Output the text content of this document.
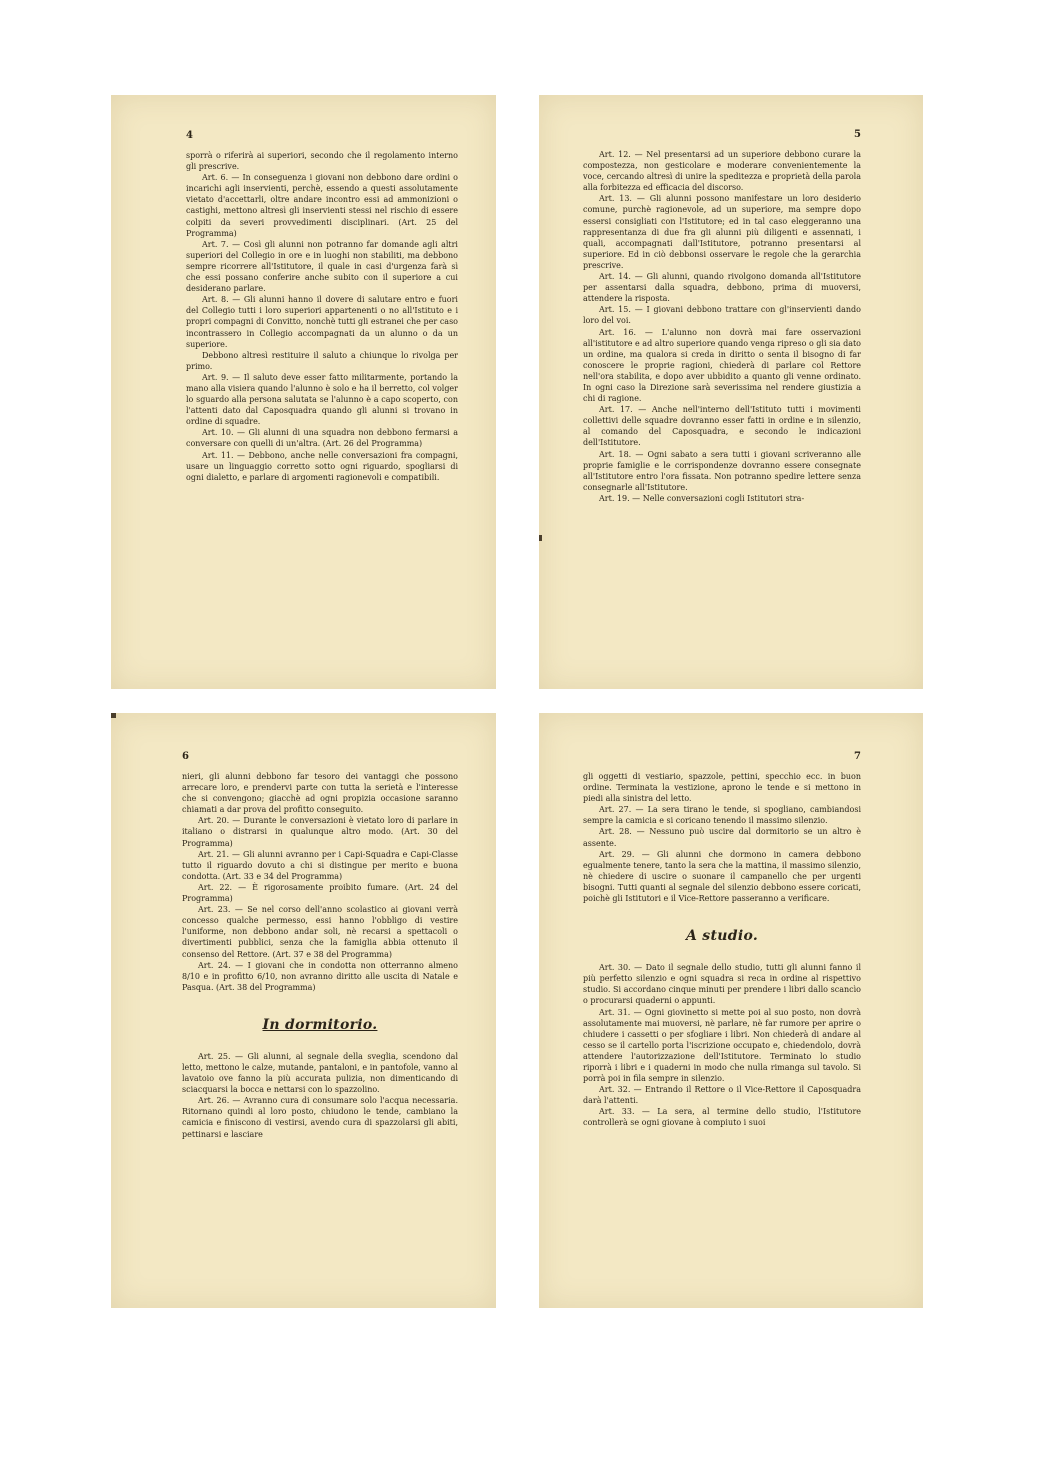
4

sporrà o riferirà ai superiori, secondo che il regolamento interno gli prescrive.

Art. 6. — In conseguenza i giovani non debbono dare ordini o incarichi agli inservienti, perchè, essendo a questi assolutamente vietato d'accettarli, oltre andare incontro essi ad ammonizioni o castighi, mettono altresì gli inservienti stessi nel rischio di essere colpiti da severi provvedimenti disciplinari. (Art. 25 del Programma)

Art. 7. — Così gli alunni non potranno far domande agli altri superiori del Collegio in ore e in luoghi non stabiliti, ma debbono sempre ricorrere all'Istitutore, il quale in casi d'urgenza farà sì che essi possano conferire anche subito con il superiore a cui desiderano parlare.

Art. 8. — Gli alunni hanno il dovere di salutare entro e fuori del Collegio tutti i loro superiori appartenenti o no all'Istituto e i propri compagni di Convitto, nonchè tutti gli estranei che per caso incontrassero in Collegio accompagnati da un alunno o da un superiore.

Debbono altresì restituire il saluto a chiunque lo rivolga per primo.

Art. 9. — Il saluto deve esser fatto militarmente, portando la mano alla visiera quando l'alunno è solo e ha il berretto, col volger lo sguardo alla persona salutata se l'alunno è a capo scoperto, con l'attenti dato dal Caposquadra quando gli alunni si trovano in ordine di squadre.

Art. 10. — Gli alunni di una squadra non debbono fermarsi a conversare con quelli di un'altra. (Art. 26 del Programma)

Art. 11. — Debbono, anche nelle conversazioni fra compagni, usare un linguaggio corretto sotto ogni riguardo, spogliarsi di ogni dialetto, e parlare di argomenti ragionevoli e compatibili.

5

Art. 12. — Nel presentarsi ad un superiore debbono curare la compostezza, non gesticolare e moderare convenientemente la voce, cercando altresì di unire la speditezza e proprietà della parola alla forbitezza ed efficacia del discorso.

Art. 13. — Gli alunni possono manifestare un loro desiderio comune, purchè ragionevole, ad un superiore, ma sempre dopo essersi consigliati con l'Istitutore; ed in tal caso eleggeranno una rappresentanza di due fra gli alunni più diligenti e assennati, i quali, accompagnati dall'Istitutore, potranno presentarsi al superiore. Ed in ciò debbonsi osservare le regole che la gerarchia prescrive.

Art. 14. — Gli alunni, quando rivolgono domanda all'Istitutore per assentarsi dalla squadra, debbono, prima di muoversi, attendere la risposta.

Art. 15. — I giovani debbono trattare con gl'inservienti dando loro del voi.

Art. 16. — L'alunno non dovrà mai fare osservazioni all'istitutore e ad altro superiore quando venga ripreso o gli sia dato un ordine, ma qualora si creda in diritto o senta il bisogno di far conoscere le proprie ragioni, chiederà di parlare col Rettore nell'ora stabilita, e dopo aver ubbidito a quanto gli venne ordinato. In ogni caso la Direzione sarà severissima nel rendere giustizia a chi di ragione.

Art. 17. — Anche nell'interno dell'Istituto tutti i movimenti collettivi delle squadre dovranno esser fatti in ordine e in silenzio, al comando del Caposquadra, e secondo le indicazioni dell'Istitutore.

Art. 18. — Ogni sabato a sera tutti i giovani scriveranno alle proprie famiglie e le corrispondenze dovranno essere consegnate all'Istitutore entro l'ora fissata. Non potranno spedire lettere senza consegnarle all'Istitutore.

Art. 19. — Nelle conversazioni cogli Istitutori stra-

6

nieri, gli alunni debbono far tesoro dei vantaggi che possono arrecare loro, e prendervi parte con tutta la serietà e l'interesse che si convengono; giacchè ad ogni propizia occasione saranno chiamati a dar prova del profitto conseguito.

Art. 20. — Durante le conversazioni è vietato loro di parlare in italiano o distrarsi in qualunque altro modo. (Art. 30 del Programma)

Art. 21. — Gli alunni avranno per i Capi-Squadra e Capi-Classe tutto il riguardo dovuto a chi si distingue per merito e buona condotta. (Art. 33 e 34 del Programma)

Art. 22. — È rigorosamente proibito fumare. (Art. 24 del Programma)

Art. 23. — Se nel corso dell'anno scolastico ai giovani verrà concesso qualche permesso, essi hanno l'obbligo di vestire l'uniforme, non debbono andar soli, nè recarsi a spettacoli o divertimenti pubblici, senza che la famiglia abbia ottenuto il consenso del Rettore. (Art. 37 e 38 del Programma)

Art. 24. — I giovani che in condotta non otterranno almeno 8/10 e in profitto 6/10, non avranno diritto alle uscita di Natale e Pasqua. (Art. 38 del Programma)

In dormitorio.

Art. 25. — Gli alunni, al segnale della sveglia, scendono dal letto, mettono le calze, mutande, pantaloni, e in pantofole, vanno al lavatoio ove fanno la più accurata pulizia, non dimenticando di sciacquarsi la bocca e nettarsi con lo spazzolino.

Art. 26. — Avranno cura di consumare solo l'acqua necessaria. Ritornano quindi al loro posto, chiudono le tende, cambiano la camicia e finiscono di vestirsi, avendo cura di spazzolarsi gli abiti, pettinarsi e lasciare

7

gli oggetti di vestiario, spazzole, pettini, specchio ecc. in buon ordine. Terminata la vestizione, aprono le tende e si mettono in piedi alla sinistra del letto.

Art. 27. — La sera tirano le tende, si spogliano, cambiandosi sempre la camicia e si coricano tenendo il massimo silenzio.

Art. 28. — Nessuno può uscire dal dormitorio se un altro è assente.

Art. 29. — Gli alunni che dormono in camera debbono egualmente tenere, tanto la sera che la mattina, il massimo silenzio, nè chiedere di uscire o suonare il campanello che per urgenti bisogni. Tutti quanti al segnale del silenzio debbono essere coricati, poichè gli Istitutori e il Vice-Rettore passeranno a verificare.

A studio.

Art. 30. — Dato il segnale dello studio, tutti gli alunni fanno il più perfetto silenzio e ogni squadra si reca in ordine al rispettivo studio. Si accordano cinque minuti per prendere i libri dallo scancìo o procurarsi quaderni o appunti.

Art. 31. — Ogni giovinetto si mette poi al suo posto, non dovrà assolutamente mai muoversi, nè parlare, nè far rumore per aprire o chiudere i cassetti o per sfogliare i libri. Non chiederà di andare al cesso se il cartello porta l'iscrizione occupato e, chiedendolo, dovrà attendere l'autorizzazione dell'Istitutore. Terminato lo studio riporrà i libri e i quaderni in modo che nulla rimanga sul tavolo. Si porrà poi in fila sempre in silenzio.

Art. 32. — Entrando il Rettore o il Vice-Rettore il Caposquadra darà l'attenti.

Art. 33. — La sera, al termine dello studio, l'Istitutore controllerà se ogni giovane à compiuto i suoi
